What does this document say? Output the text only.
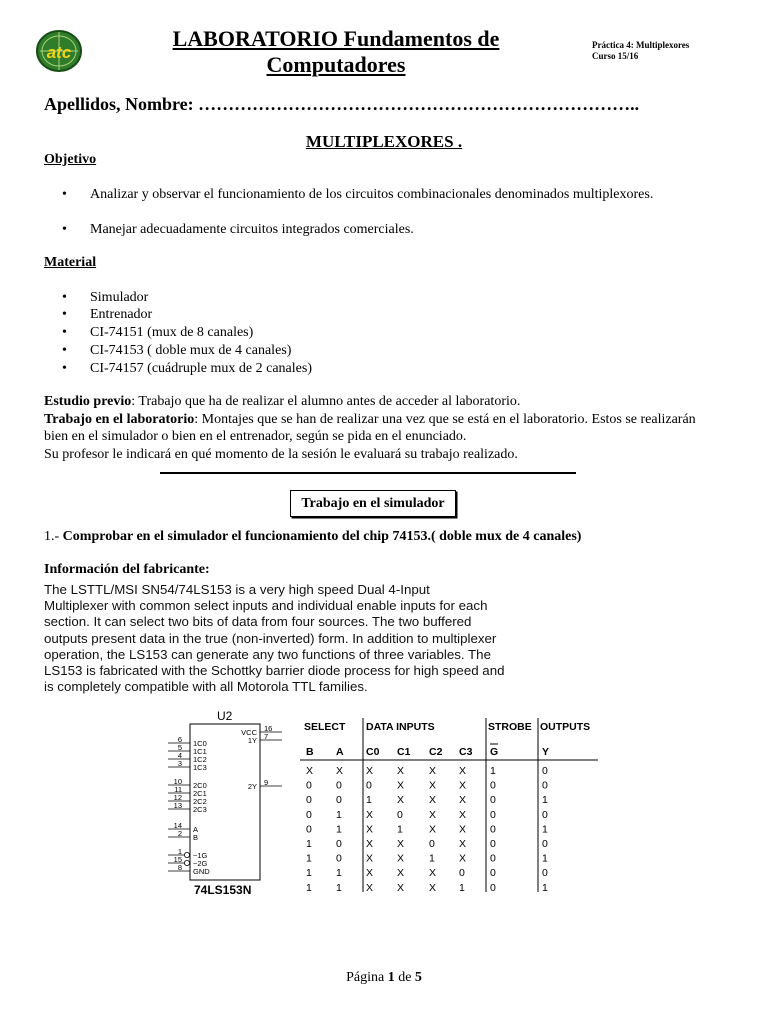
atc
LABORATORIO Fundamentos de Computadores
Práctica 4: Multiplexores
Curso 15/16
Apellidos, Nombre: ………………………………………………………………..
MULTIPLEXORES .
Objetivo
• Analizar y observar el funcionamiento de los circuitos combinacionales denominados multiplexores.
• Manejar adecuadamente circuitos integrados comerciales.
Material
• Simulador
• Entrenador
• CI-74151 (mux de 8 canales)
• CI-74153 ( doble mux de 4 canales)
• CI-74157 (cuádruple mux de 2 canales)
Estudio previo: Trabajo que ha de realizar el alumno antes de acceder al laboratorio.
Trabajo en el laboratorio: Montajes que se han de realizar una vez que se está en el laboratorio. Estos se realizarán bien en el simulador o bien en el entrenador, según se pida en el enunciado.
Su profesor le indicará en qué momento de la sesión le evaluará su trabajo realizado.
Trabajo en el simulador
1.- Comprobar en el simulador el funcionamiento del chip 74153.( doble mux de 4 canales)
Información del fabricante:
The LSTTL/MSI SN54/74LS153 is a very high speed Dual 4-Input
Multiplexer with common select inputs and individual enable inputs for each
section. It can select two bits of data from four sources. The two buffered
outputs present data in the true (non-inverted) form. In addition to multiplexer
operation, the LS153 can generate any two functions of three variables. The
LS153 is fabricated with the Schottky barrier diode process for high speed and
is completely compatible with all Motorola TTL families.
U2
74LS153N
6 1C0
5 1C1
4 1C2
3 1C3
10 2C0
11 2C1
12 2C2
13 2C3
14 A
2 B
1 ~1G
15 ~2G
8 GND
16
VCC 7
1Y
9
2Y
SELECT DATA INPUTS	STROBE OUTPUTS
B A C0 C1 C2 C3 G	Y
X X X X X X 1	0
0 0 0 X X X 0	0
0 0 1 X X X 0	1
0 1 X 0 X X 0	0
0 1 X 1 X X 0	1
1 0 X X 0 X 0	0
1 0 X X 1 X 0	1
1 1 X X X 0 0	0
1 1 X X X 1 0	1
Página 1 de 5
